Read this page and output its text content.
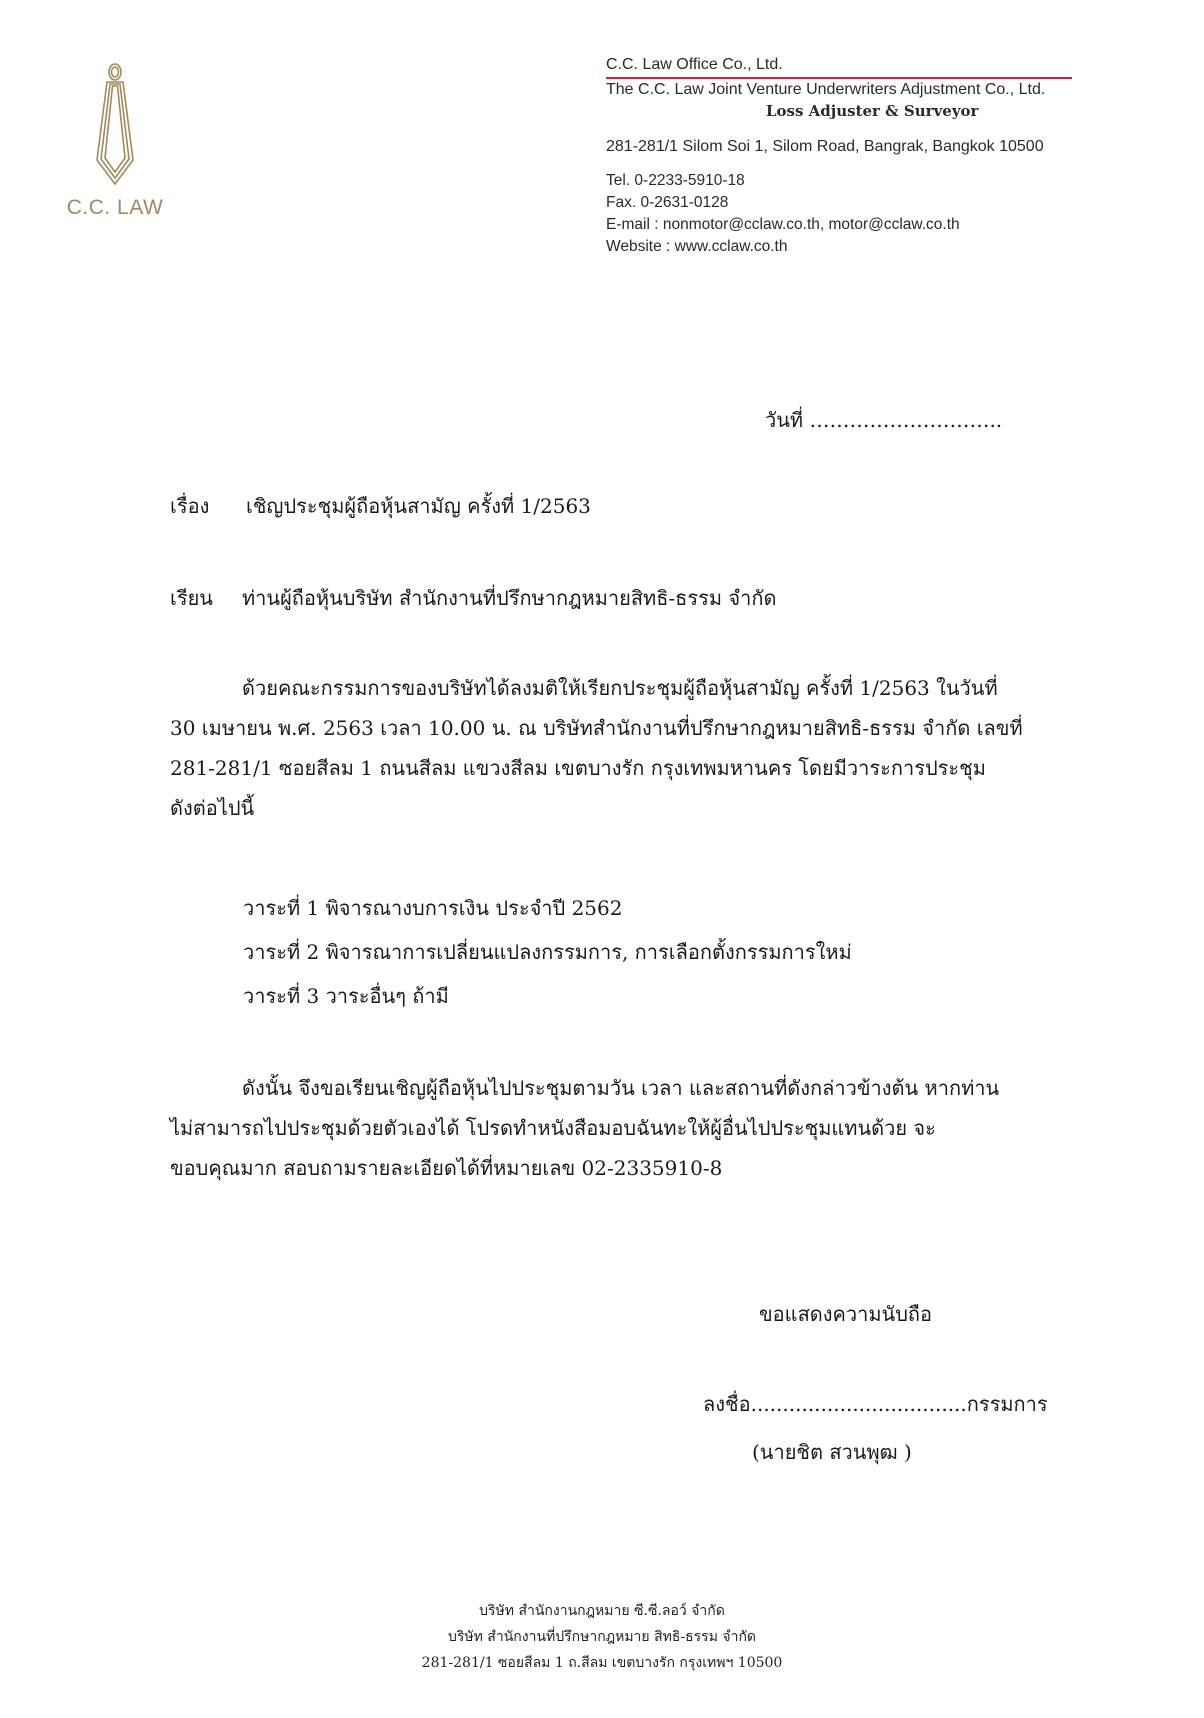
C.C. LAW
C.C. Law Office Co., Ltd.
The C.C. Law Joint Venture Underwriters Adjustment Co., Ltd.
Loss Adjuster & Surveyor
281-281/1 Silom Soi 1, Silom Road, Bangrak, Bangkok 10500
Tel. 0-2233-5910-18
Fax. 0-2631-0128
E-mail : nonmotor@cclaw.co.th, motor@cclaw.co.th
Website : www.cclaw.co.th
วันที่ ………………………..
เรื่อง เชิญประชุมผู้ถือหุ้นสามัญ ครั้งที่ 1/2563
เรียน ท่านผู้ถือหุ้นบริษัท สำนักงานที่ปรึกษากฎหมายสิทธิ-ธรรม จำกัด
ด้วยคณะกรรมการของบริษัทได้ลงมติให้เรียกประชุมผู้ถือหุ้นสามัญ ครั้งที่ 1/2563 ในวันที่
30 เมษายน พ.ศ. 2563 เวลา 10.00 น. ณ บริษัทสำนักงานที่ปรึกษากฎหมายสิทธิ-ธรรม จำกัด เลขที่
281-281/1 ซอยสีลม 1 ถนนสีลม แขวงสีลม เขตบางรัก กรุงเทพมหานคร โดยมีวาระการประชุม
ดังต่อไปนี้
วาระที่ 1 พิจารณางบการเงิน ประจำปี 2562
วาระที่ 2 พิจารณาการเปลี่ยนแปลงกรรมการ, การเลือกตั้งกรรมการใหม่
วาระที่ 3 วาระอื่นๆ ถ้ามี
ดังนั้น จึงขอเรียนเชิญผู้ถือหุ้นไปประชุมตามวัน เวลา และสถานที่ดังกล่าวข้างต้น หากท่าน
ไม่สามารถไปประชุมด้วยตัวเองได้ โปรดทำหนังสือมอบฉันทะให้ผู้อื่นไปประชุมแทนด้วย จะ
ขอบคุณมาก สอบถามรายละเอียดได้ที่หมายเลข 02-2335910-8
ขอแสดงความนับถือ
ลงชื่อ..................................กรรมการ
(นายชิต สวนพุฒ )
บริษัท สำนักงานกฎหมาย ซี.ซี.ลอว์ จำกัด
บริษัท สำนักงานที่ปรึกษากฎหมาย สิทธิ-ธรรม จำกัด
281-281/1 ซอยสีลม 1 ถ.สีลม เขตบางรัก กรุงเทพฯ 10500
